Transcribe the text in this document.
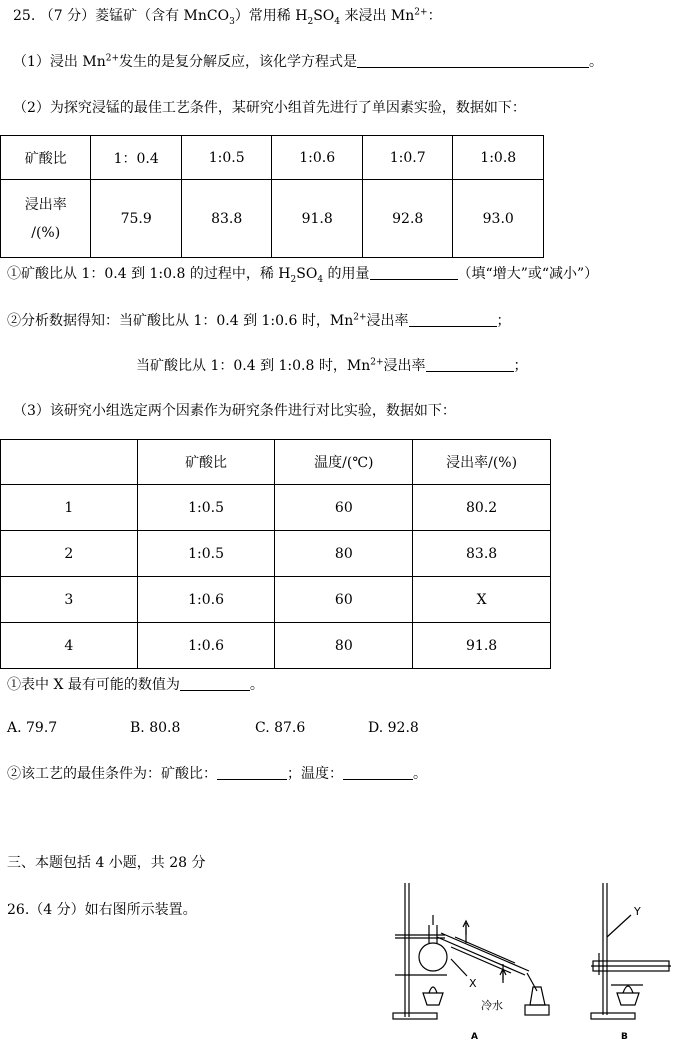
25. （7 分）菱锰矿（含有 MnCO$_3$）常用稀 $H_2SO_4$ 来浸出 $Mn^{2+}$：
（1）浸出 $Mn^{2+}$发生的是复分解反应，该化学方程式是	。
（2）为探究浸锰的最佳工艺条件，某研究小组首先进行了单因素实验，数据如下：
矿酸比	1：0.4	1:0.5	1:0.6	1:0.7	1:0.8

浸出率
/(%)	75.9	83.8	91.8	92.8	93.0
①矿酸比从 1：0.4 到 1:0.8 的过程中，稀 $H_2SO_4$ 的用量	（填“增大”或“减小”）
②分析数据得知：当矿酸比从 1：0.4 到 1:0.6 时，$Mn^{2+}$浸出率	；
当矿酸比从 1：0.4 到 1:0.8 时，$Mn^{2+}$浸出率	；
（3）该研究小组选定两个因素作为研究条件进行对比实验，数据如下：
	矿酸比	温度/(℃)	浸出率/(%)
1	1:0.5	60	80.2
2	1:0.5	80	83.8
3	1:0.6	60	X
4	1:0.6	80	91.8
①表中 X 最有可能的数值为	。
A. 79.7	B. 80.8	C. 87.6	D. 92.8
②该工艺的最佳条件为：矿酸比：	；温度：	。
三、本题包括 4 小题，共 28 分
26.（4 分）如右图所示装置。
X
冷水
Y
A	B
